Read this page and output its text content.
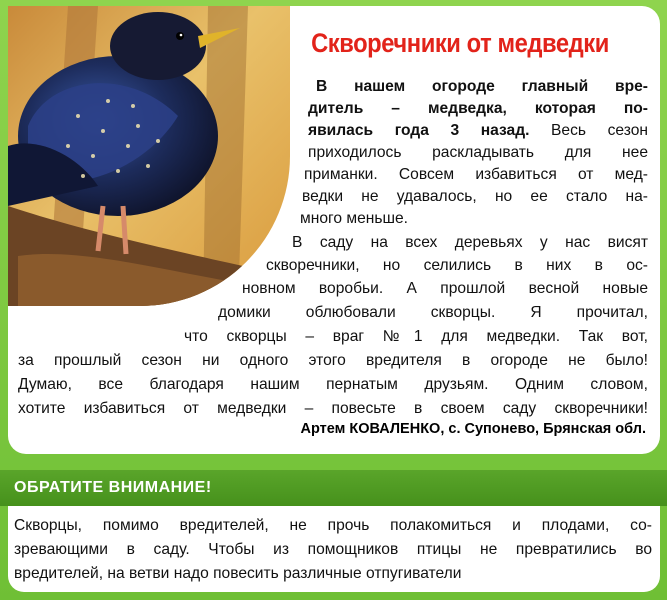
Скворечники от медведки
В нашем огороде главный вре-
дитель – медведка, которая по-
явилась года 3 назад. Весь сезон
приходилось раскладывать для нее
приманки. Совсем избавиться от мед-
ведки не удавалось, но ее стало на-
много меньше.
В саду на всех деревьях у нас висят
скворечники, но селились в них в ос-
новном воробьи. А прошлой весной новые
домики облюбовали скворцы. Я прочитал,
что скворцы – враг №1 для медведки. Так вот,
за прошлый сезон ни одного этого вредителя в огороде не было!
Думаю, все благодаря нашим пернатым друзьям. Одним словом,
хотите избавиться от медведки – повесьте в своем саду скворечники!
Артем КОВАЛЕНКО, с. Супонево, Брянская обл.
ОБРАТИТЕ ВНИМАНИЕ!
Скворцы, помимо вредителей, не прочь полакомиться и плодами, со-
зревающими в саду. Чтобы из помощников птицы не превратились во
вредителей, на ветви надо повесить различные отпугиватели
